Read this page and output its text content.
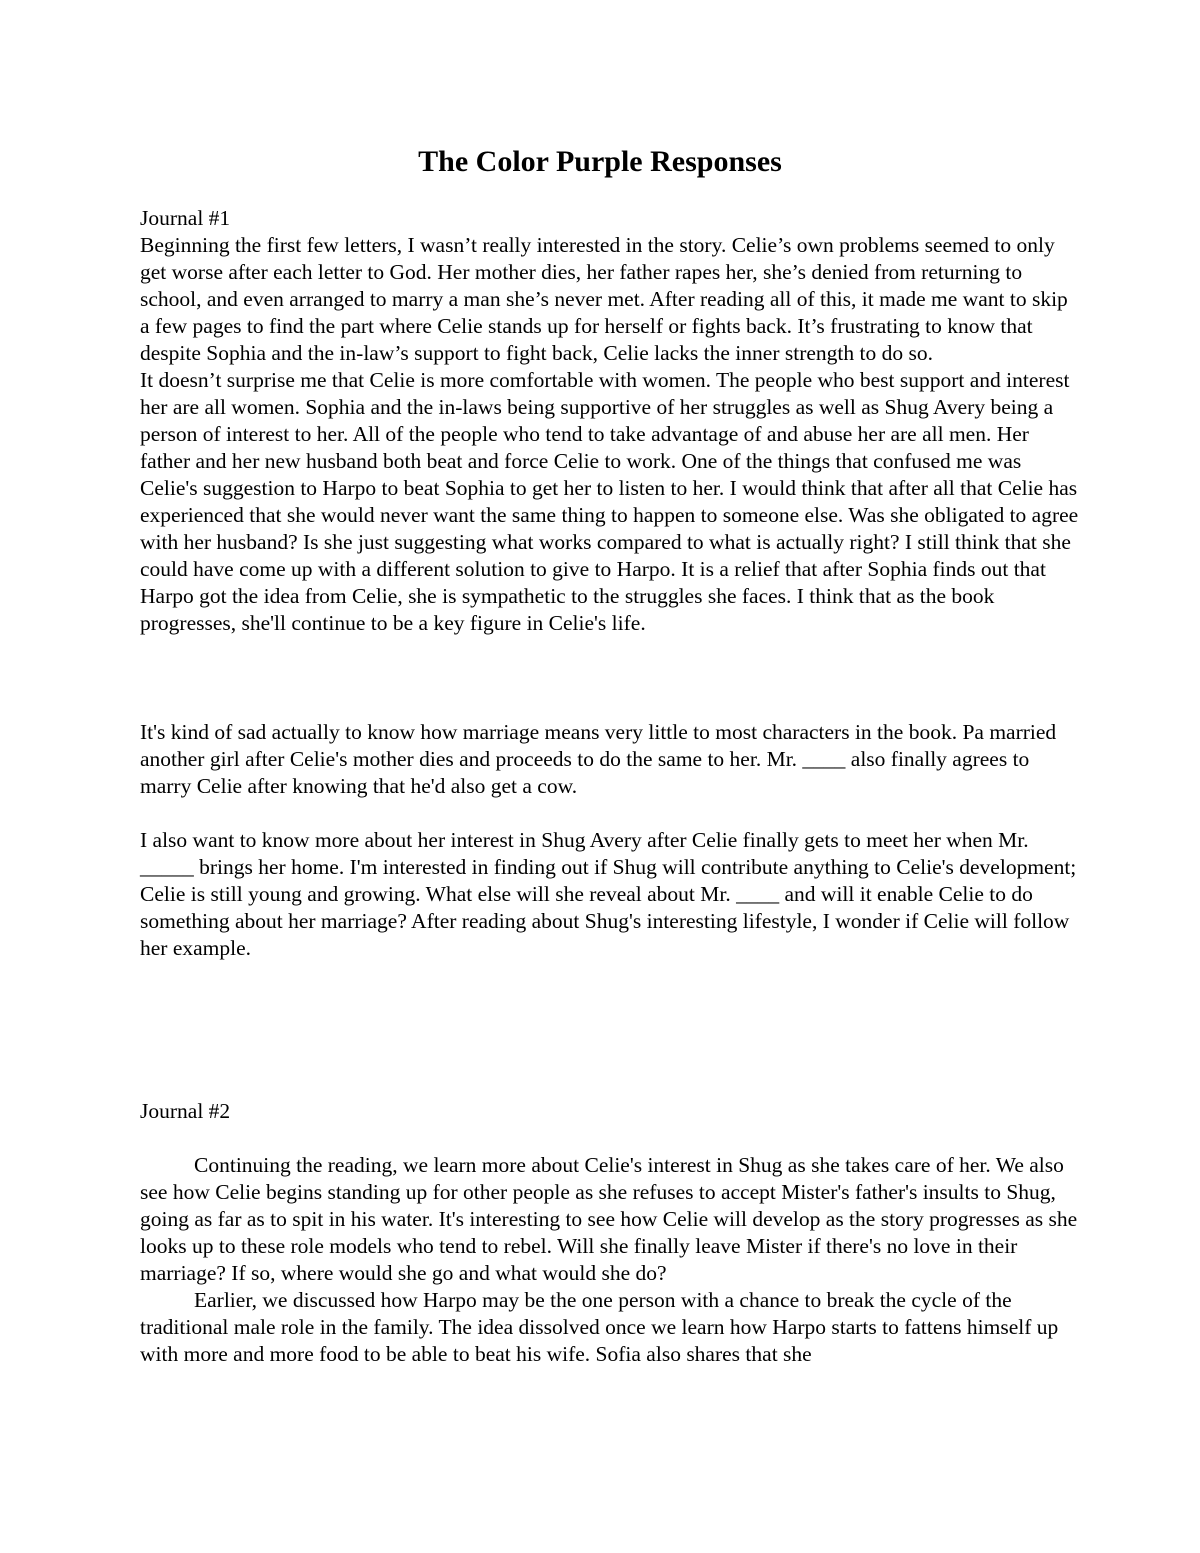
The Color Purple Responses

Journal #1

Beginning the first few letters, I wasn’t really interested in the story. Celie’s own problems seemed to only get worse after each letter to God. Her mother dies, her father rapes her, she’s denied from returning to school, and even arranged to marry a man she’s never met. After reading all of this, it made me want to skip a few pages to find the part where Celie stands up for herself or fights back. It’s frustrating to know that despite Sophia and the in-law’s support to fight back, Celie lacks the inner strength to do so.

It doesn’t surprise me that Celie is more comfortable with women. The people who best support and interest her are all women. Sophia and the in-laws being supportive of her struggles as well as Shug Avery being a person of interest to her. All of the people who tend to take advantage of and abuse her are all men. Her father and her new husband both beat and force Celie to work. One of the things that confused me was Celie's suggestion to Harpo to beat Sophia to get her to listen to her. I would think that after all that Celie has experienced that she would never want the same thing to happen to someone else. Was she obligated to agree with her husband? Is she just suggesting what works compared to what is actually right? I still think that she could have come up with a different solution to give to Harpo. It is a relief that after Sophia finds out that Harpo got the idea from Celie, she is sympathetic to the struggles she faces. I think that as the book progresses, she'll continue to be a key figure in Celie's life.

It's kind of sad actually to know how marriage means very little to most characters in the book. Pa married another girl after Celie's mother dies and proceeds to do the same to her. Mr. ____ also finally agrees to marry Celie after knowing that he'd also get a cow.

I also want to know more about her interest in Shug Avery after Celie finally gets to meet her when Mr. _____ brings her home. I'm interested in finding out if Shug will contribute anything to Celie's development; Celie is still young and growing. What else will she reveal about Mr. ____ and will it enable Celie to do something about her marriage? After reading about Shug's interesting lifestyle, I wonder if Celie will follow her example.

Journal #2

Continuing the reading, we learn more about Celie's interest in Shug as she takes care of her. We also see how Celie begins standing up for other people as she refuses to accept Mister's father's insults to Shug, going as far as to spit in his water. It's interesting to see how Celie will develop as the story progresses as she looks up to these role models who tend to rebel. Will she finally leave Mister if there's no love in their marriage? If so, where would she go and what would she do?

Earlier, we discussed how Harpo may be the one person with a chance to break the cycle of the traditional male role in the family. The idea dissolved once we learn how Harpo starts to fattens himself up with more and more food to be able to beat his wife. Sofia also shares that she
